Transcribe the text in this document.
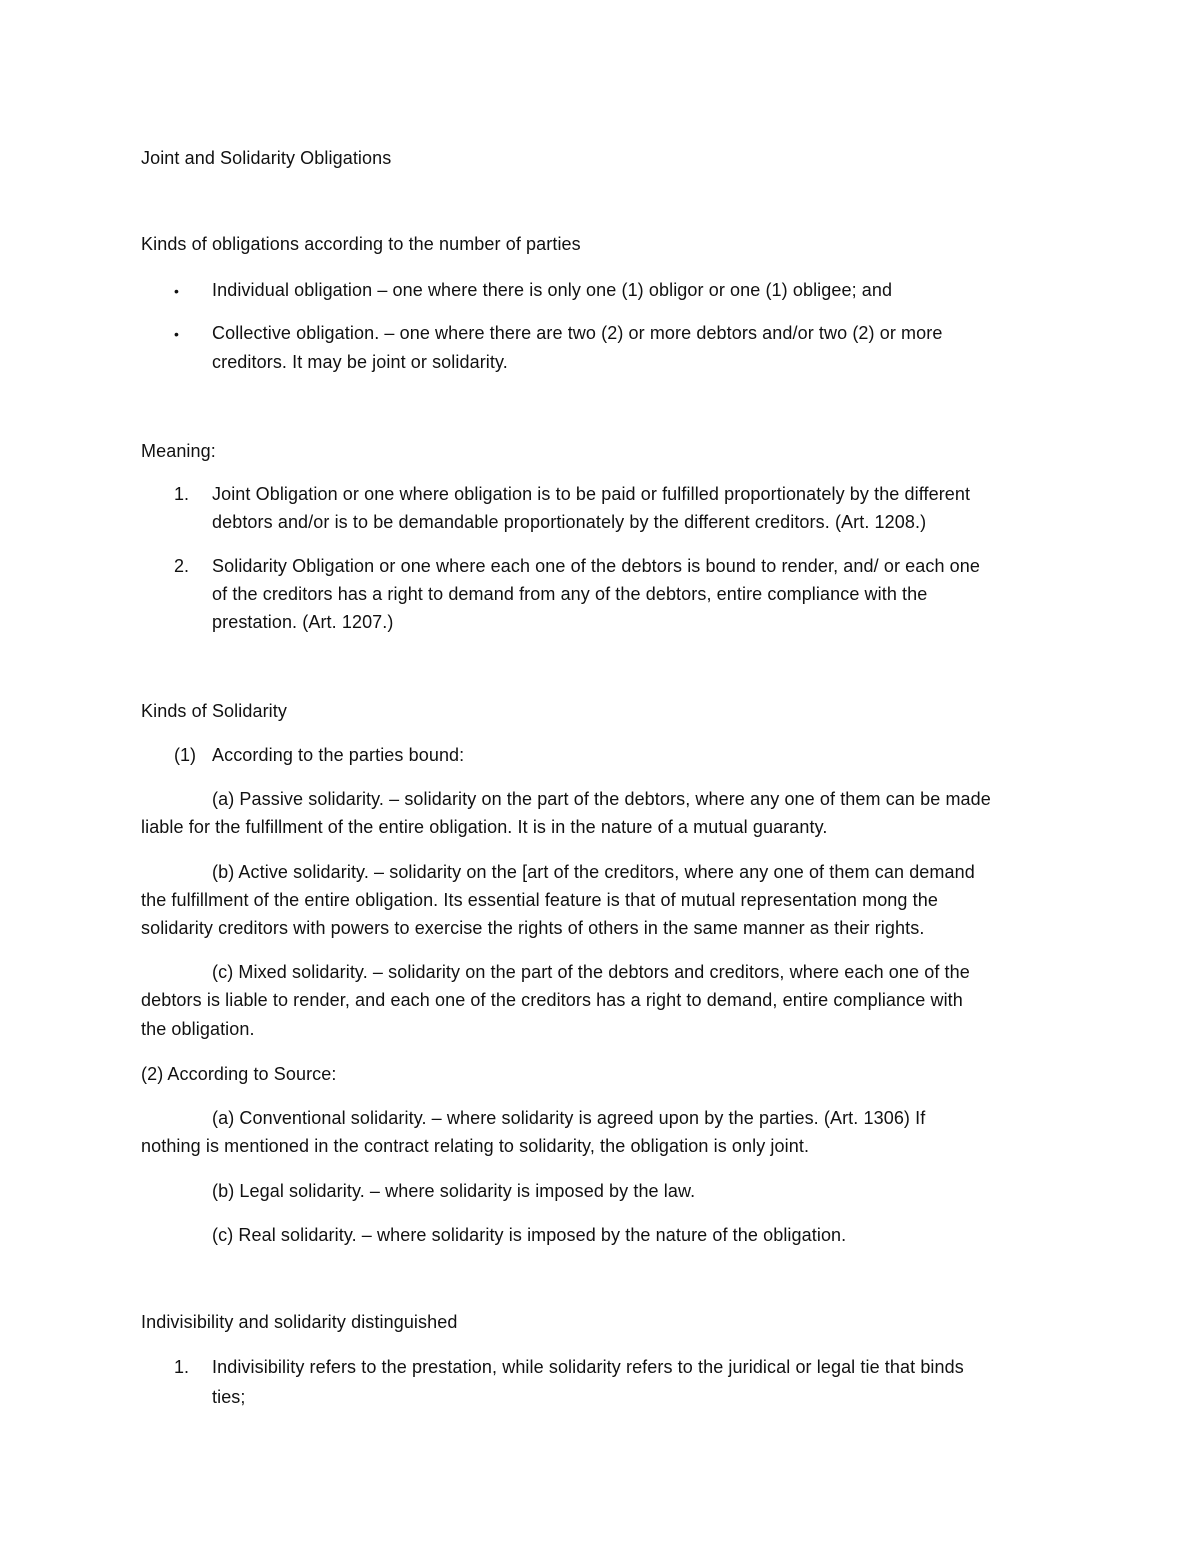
Joint and Solidarity Obligations
Kinds of obligations according to the number of parties
• Individual obligation – one where there is only one (1) obligor or one (1) obligee; and
• Collective obligation. – one where there are two (2) or more debtors and/or two (2) or more
creditors. It may be joint or solidarity.
Meaning:
1. Joint Obligation or one where obligation is to be paid or fulfilled proportionately by the different
debtors and/or is to be demandable proportionately by the different creditors. (Art. 1208.)
2. Solidarity Obligation or one where each one of the debtors is bound to render, and/ or each one
of the creditors has a right to demand from any of the debtors, entire compliance with the
prestation. (Art. 1207.)
Kinds of Solidarity
(1) According to the parties bound:
(a) Passive solidarity. – solidarity on the part of the debtors, where any one of them can be made
liable for the fulfillment of the entire obligation. It is in the nature of a mutual guaranty.
(b) Active solidarity. – solidarity on the [art of the creditors, where any one of them can demand
the fulfillment of the entire obligation. Its essential feature is that of mutual representation mong the
solidarity creditors with powers to exercise the rights of others in the same manner as their rights.
(c) Mixed solidarity. – solidarity on the part of the debtors and creditors, where each one of the
debtors is liable to render, and each one of the creditors has a right to demand, entire compliance with
the obligation.
(2) According to Source:
(a) Conventional solidarity. – where solidarity is agreed upon by the parties. (Art. 1306) If
nothing is mentioned in the contract relating to solidarity, the obligation is only joint.
(b) Legal solidarity. – where solidarity is imposed by the law.
(c) Real solidarity. – where solidarity is imposed by the nature of the obligation.
Indivisibility and solidarity distinguished
1. Indivisibility refers to the prestation, while solidarity refers to the juridical or legal tie that binds
ties;
